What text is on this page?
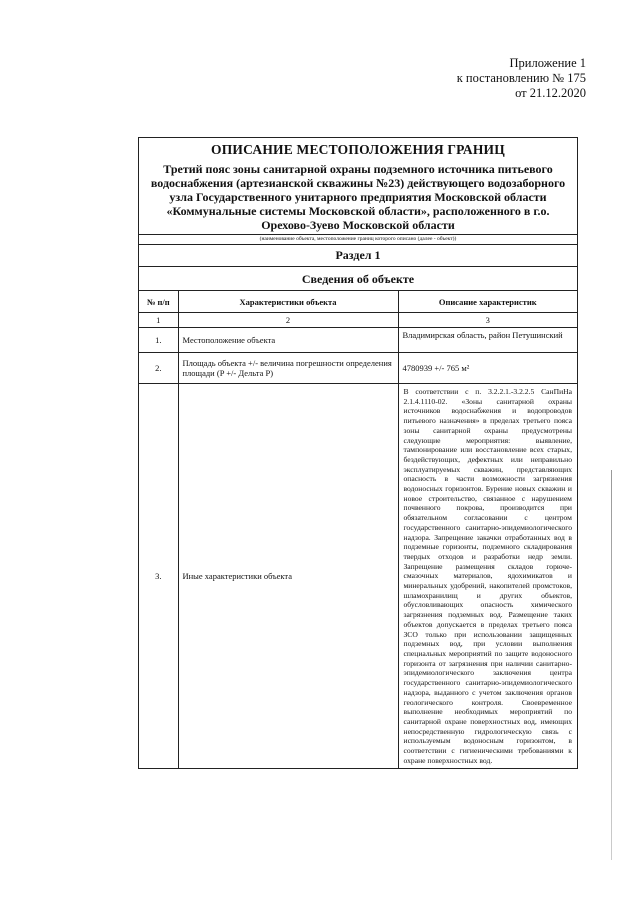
Приложение 1
к постановлению № 175
от 21.12.2020
ОПИСАНИЕ МЕСТОПОЛОЖЕНИЯ ГРАНИЦ
Третий пояс зоны санитарной охраны подземного источника питьевого водоснабжения (артезианской скважины №23) действующего водозаборного узла Государственного унитарного предприятия Московской области «Коммунальные системы Московской области», расположенного в г.о. Орехово-Зуево Московской области
(наименование объекта, местоположение границ которого описано (далее - объект))
Раздел 1
Сведения об объекте
№ п/п	Характеристики объекта	Описание характеристик
1	2	3
1.	Местоположение объекта	Владимирская область, район Петушинский
2.	Площадь объекта +/- величина погрешности определения площади (P +/- Дельта P)	4780939 +/- 765 м²
3.	Иные характеристики объекта	В соответствии с п. 3.2.2.1.-3.2.2.5 СанПиНа 2.1.4.1110-02. «Зоны санитарной охраны источников водоснабжения и водопроводов питьевого назначения» в пределах третьего пояса зоны санитарной охраны предусмотрены следующие мероприятия: выявление, тампонирование или восстановление всех старых, бездействующих, дефектных или неправильно эксплуатируемых скважин, представляющих опасность в части возможности загрязнения водоносных горизонтов. Бурение новых скважин и новое строительство, связанное с нарушением почвенного покрова, производится при обязательном согласовании с центром государственного санитарно-эпидемиологического надзора. Запрещение закачки отработанных вод в подземные горизонты, подземного складирования твердых отходов и разработки недр земли. Запрещение размещения складов горюче-смазочных материалов, ядохимикатов и минеральных удобрений, накопителей промстоков, шламохранилищ и других объектов, обусловливающих опасность химического загрязнения подземных вод. Размещение таких объектов допускается в пределах третьего пояса ЗСО только при использовании защищенных подземных вод, при условии выполнения специальных мероприятий по защите водоносного горизонта от загрязнения при наличии санитарно-эпидемиологического заключения центра государственного санитарно-эпидемиологического надзора, выданного с учетом заключения органов геологического контроля. Своевременное выполнение необходимых мероприятий по санитарной охране поверхностных вод, имеющих непосредственную гидрологическую связь с используемым водоносным горизонтом, в соответствии с гигиеническими требованиями к охране поверхностных вод.
